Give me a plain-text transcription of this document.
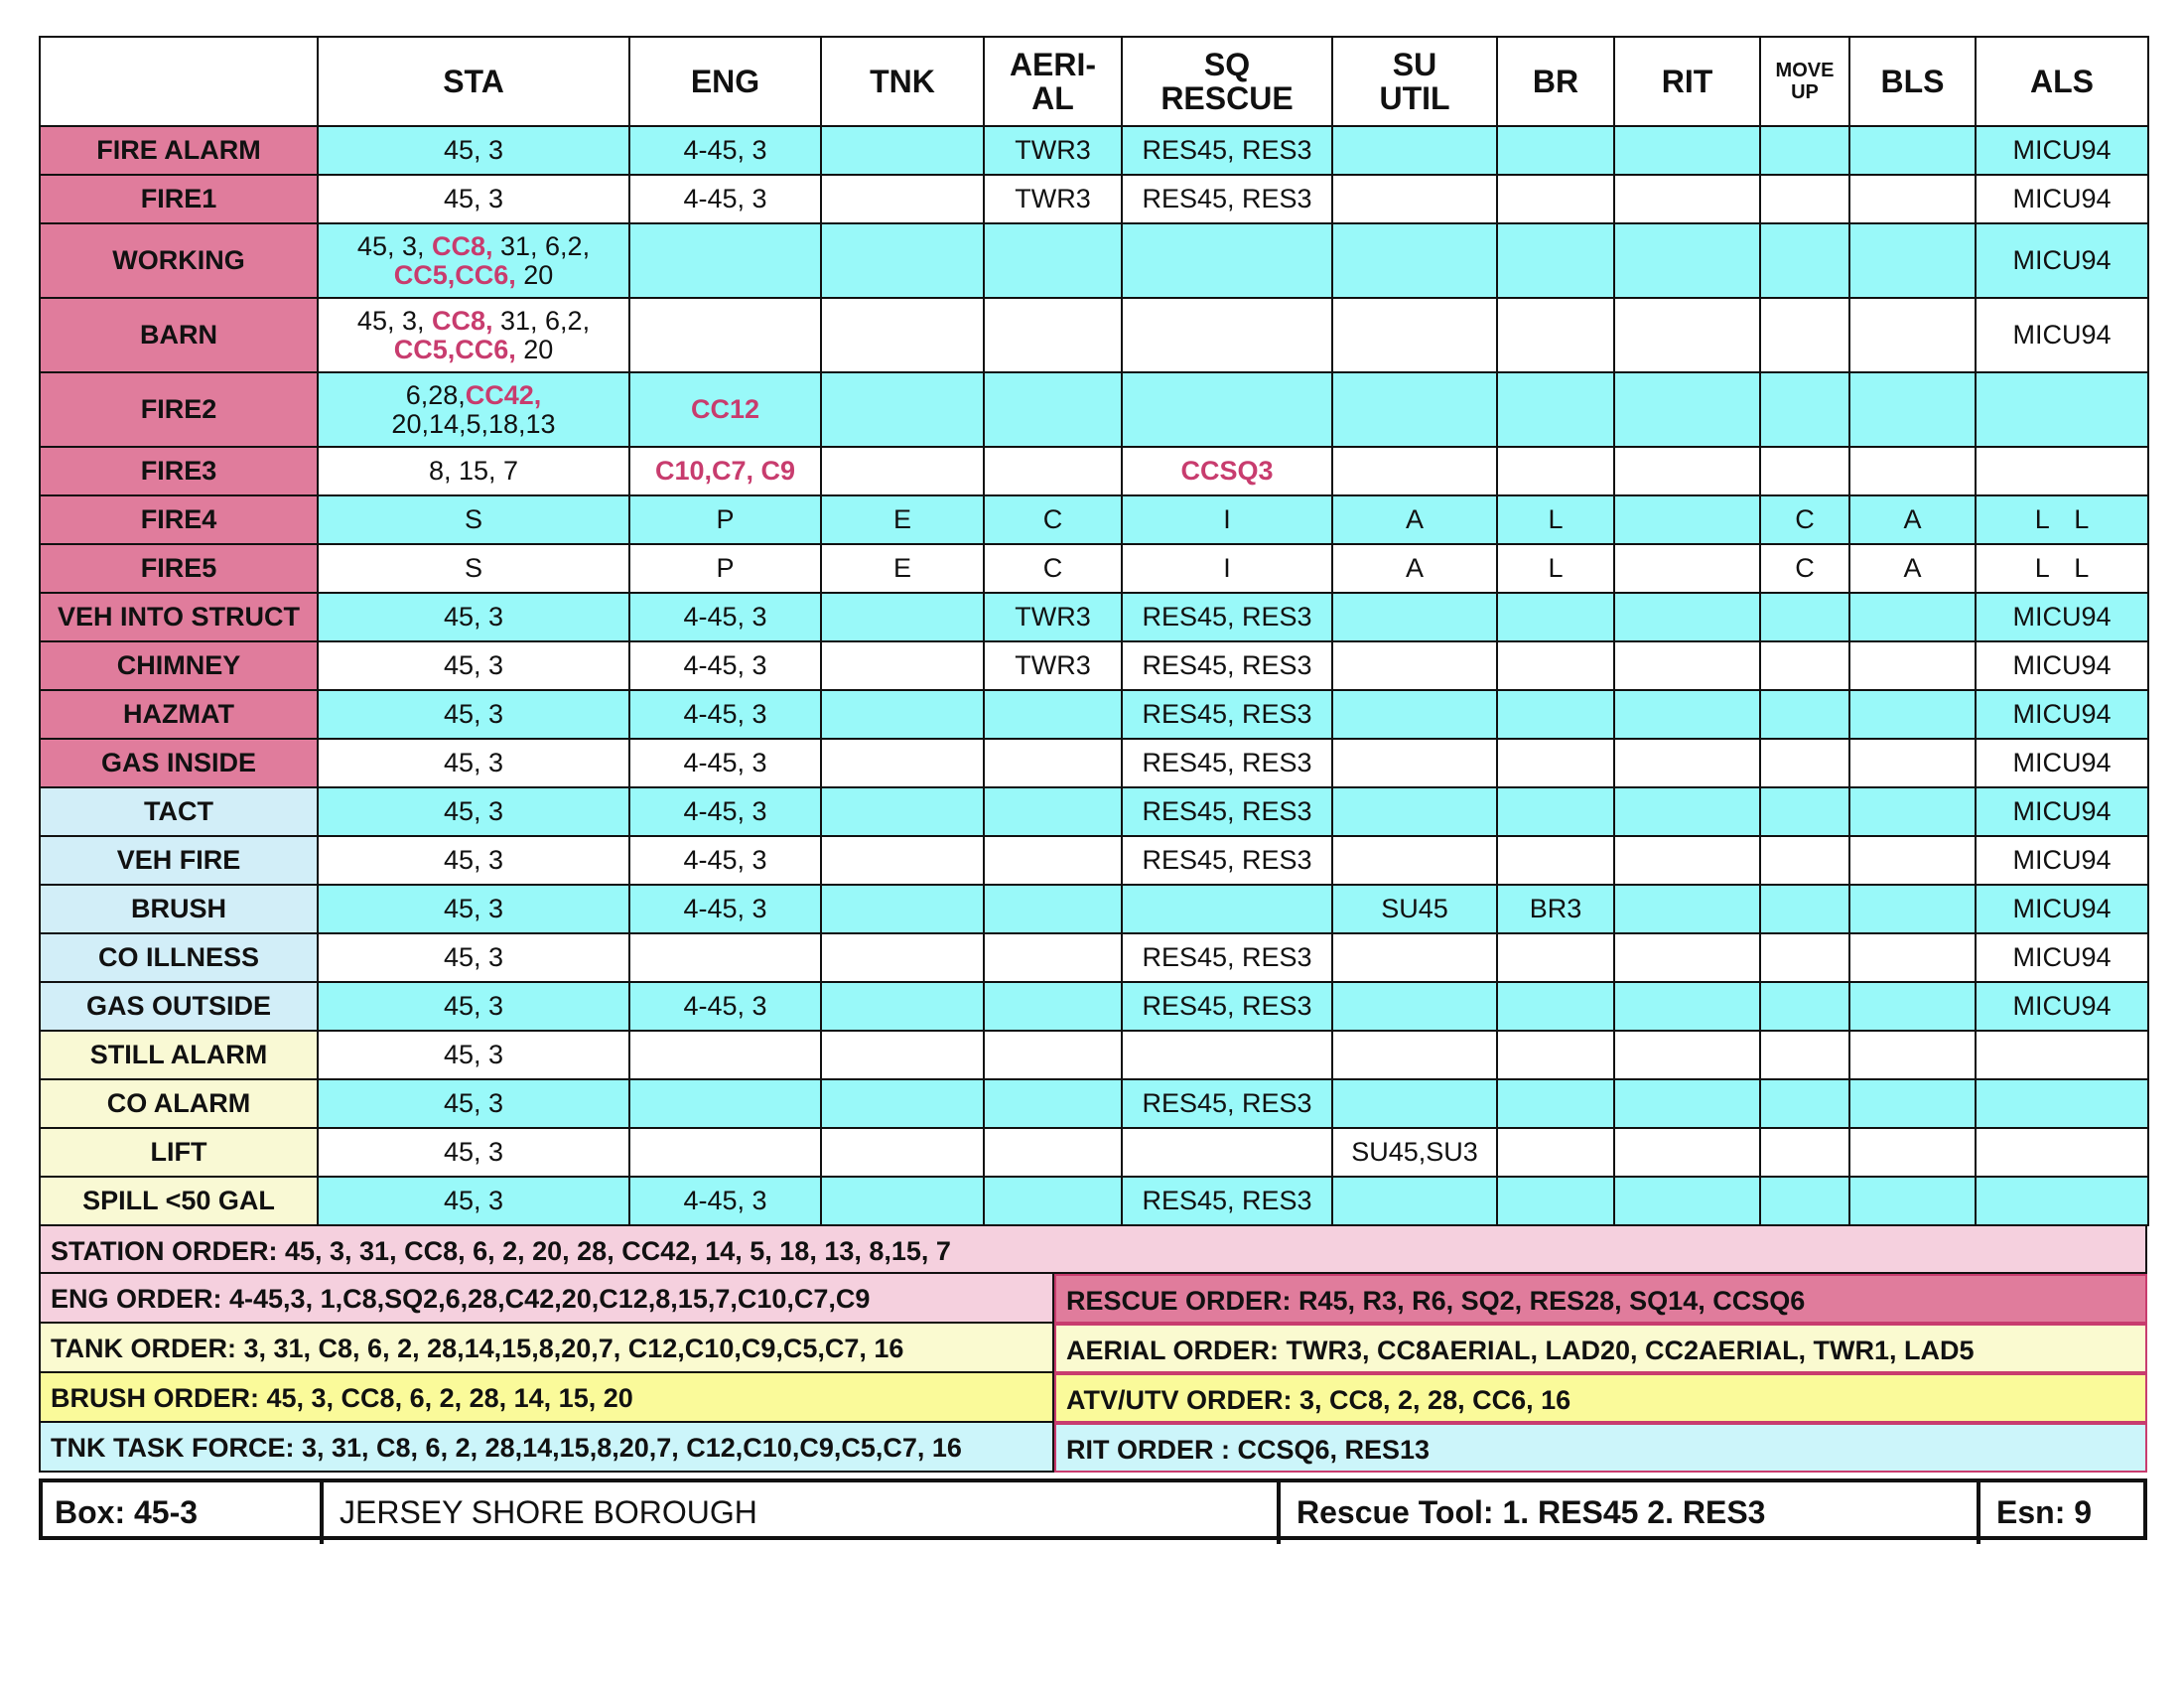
	STA	ENG	TNK	AERI-
AL	SQ
RESCUE	SU
UTIL	BR	RIT	MOVE
UP	BLS	ALS
FIRE ALARM	45, 3	4-45, 3		TWR3	RES45, RES3						MICU94
FIRE1	45, 3	4-45, 3		TWR3	RES45, RES3						MICU94
WORKING	45, 3, CC8, 31, 6,2,
CC5,CC6, 20										MICU94
BARN	45, 3, CC8, 31, 6,2,
CC5,CC6, 20										MICU94
FIRE2	6,28,CC42,
20,14,5,18,13	CC12									
FIRE3	8, 15, 7	C10,C7, C9			CCSQ3						
FIRE4	S	P	E	C	I	A	L		C	A	L L
FIRE5	S	P	E	C	I	A	L		C	A	L L
VEH INTO STRUCT	45, 3	4-45, 3		TWR3	RES45, RES3						MICU94
CHIMNEY	45, 3	4-45, 3		TWR3	RES45, RES3						MICU94
HAZMAT	45, 3	4-45, 3			RES45, RES3						MICU94
GAS INSIDE	45, 3	4-45, 3			RES45, RES3						MICU94
TACT	45, 3	4-45, 3			RES45, RES3						MICU94
VEH FIRE	45, 3	4-45, 3			RES45, RES3						MICU94
BRUSH	45, 3	4-45, 3				SU45	BR3				MICU94
CO ILLNESS	45, 3				RES45, RES3						MICU94
GAS OUTSIDE	45, 3	4-45, 3			RES45, RES3						MICU94
STILL ALARM	45, 3										
CO ALARM	45, 3				RES45, RES3						
LIFT	45, 3					SU45,SU3					
SPILL <50 GAL	45, 3	4-45, 3			RES45, RES3						
STATION ORDER: 45, 3, 31, CC8, 6, 2, 20, 28, CC42, 14, 5, 18, 13, 8,15, 7
ENG ORDER: 4-45,3, 1,C8,SQ2,6,28,C42,20,C12,8,15,7,C10,C7,C9	RESCUE ORDER: R45, R3, R6, SQ2, RES28, SQ14, CCSQ6
TANK ORDER: 3, 31, C8, 6, 2, 28,14,15,8,20,7, C12,C10,C9,C5,C7, 16	AERIAL ORDER: TWR3, CC8AERIAL, LAD20, CC2AERIAL, TWR1, LAD5
BRUSH ORDER: 45, 3, CC8, 6, 2, 28, 14, 15, 20	ATV/UTV ORDER: 3, CC8, 2, 28, CC6, 16
TNK TASK FORCE: 3, 31, C8, 6, 2, 28,14,15,8,20,7, C12,C10,C9,C5,C7, 16	RIT ORDER : CCSQ6, RES13
Box: 45-3	JERSEY SHORE BOROUGH	Rescue Tool: 1. RES45 2. RES3	Esn: 9
